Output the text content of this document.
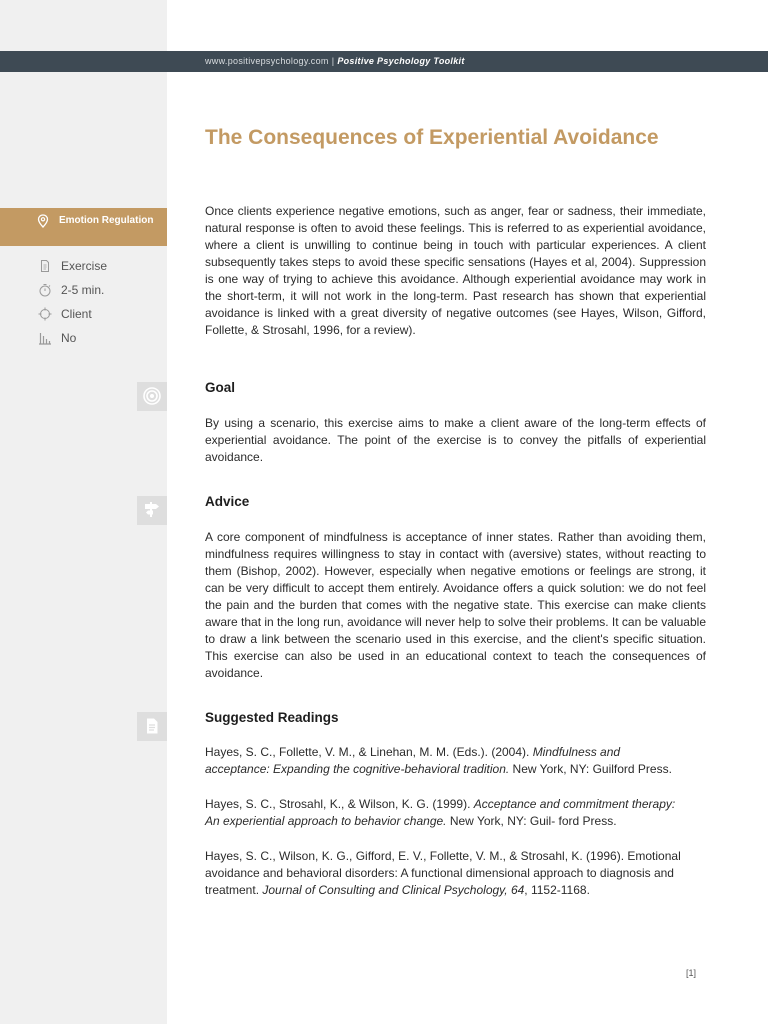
www.positivepsychology.com | Positive Psychology Toolkit
Emotion Regulation
Exercise
2-5 min.
Client
No
The Consequences of Experiential Avoidance
Once clients experience negative emotions, such as anger, fear or sadness, their immediate, natural response is often to avoid these feelings. This is referred to as experiential avoidance, where a client is unwilling to continue being in touch with particular experiences. A client subsequently takes steps to avoid these specific sensations (Hayes et al, 2004). Suppression is one way of trying to achieve this avoidance. Although experiential avoidance may work in the short-term, it will not work in the long-term. Past research has shown that experiential avoidance is linked with a great diversity of negative outcomes (see Hayes, Wilson, Gifford, Follette, & Strosahl, 1996, for a review).
Goal
By using a scenario, this exercise aims to make a client aware of the long-term effects of experiential avoidance. The point of the exercise is to convey the pitfalls of experiential avoidance.
Advice
A core component of mindfulness is acceptance of inner states. Rather than avoiding them, mindfulness requires willingness to stay in contact with (aversive) states, without reacting to them (Bishop, 2002). However, especially when negative emotions or feelings are strong, it can be very difficult to accept them entirely. Avoidance offers a quick solution: we do not feel the pain and the burden that comes with the negative state. This exercise can make clients aware that in the long run, avoidance will never help to solve their problems. It can be valuable to draw a link between the scenario used in this exercise, and the client's specific situation. This exercise can also be used in an educational context to teach the consequences of avoidance.
Suggested Readings
Hayes, S. C., Follette, V. M., & Linehan, M. M. (Eds.). (2004). Mindfulness and acceptance: Expanding the cognitive-behavioral tradition. New York, NY: Guilford Press.
Hayes, S. C., Strosahl, K., & Wilson, K. G. (1999). Acceptance and commitment therapy: An experiential approach to behavior change. New York, NY: Guil- ford Press.
Hayes, S. C., Wilson, K. G., Gifford, E. V., Follette, V. M., & Strosahl, K. (1996). Emotional avoidance and behavioral disorders: A functional dimensional approach to diagnosis and treatment. Journal of Consulting and Clinical Psychology, 64, 1152-1168.
[1]
